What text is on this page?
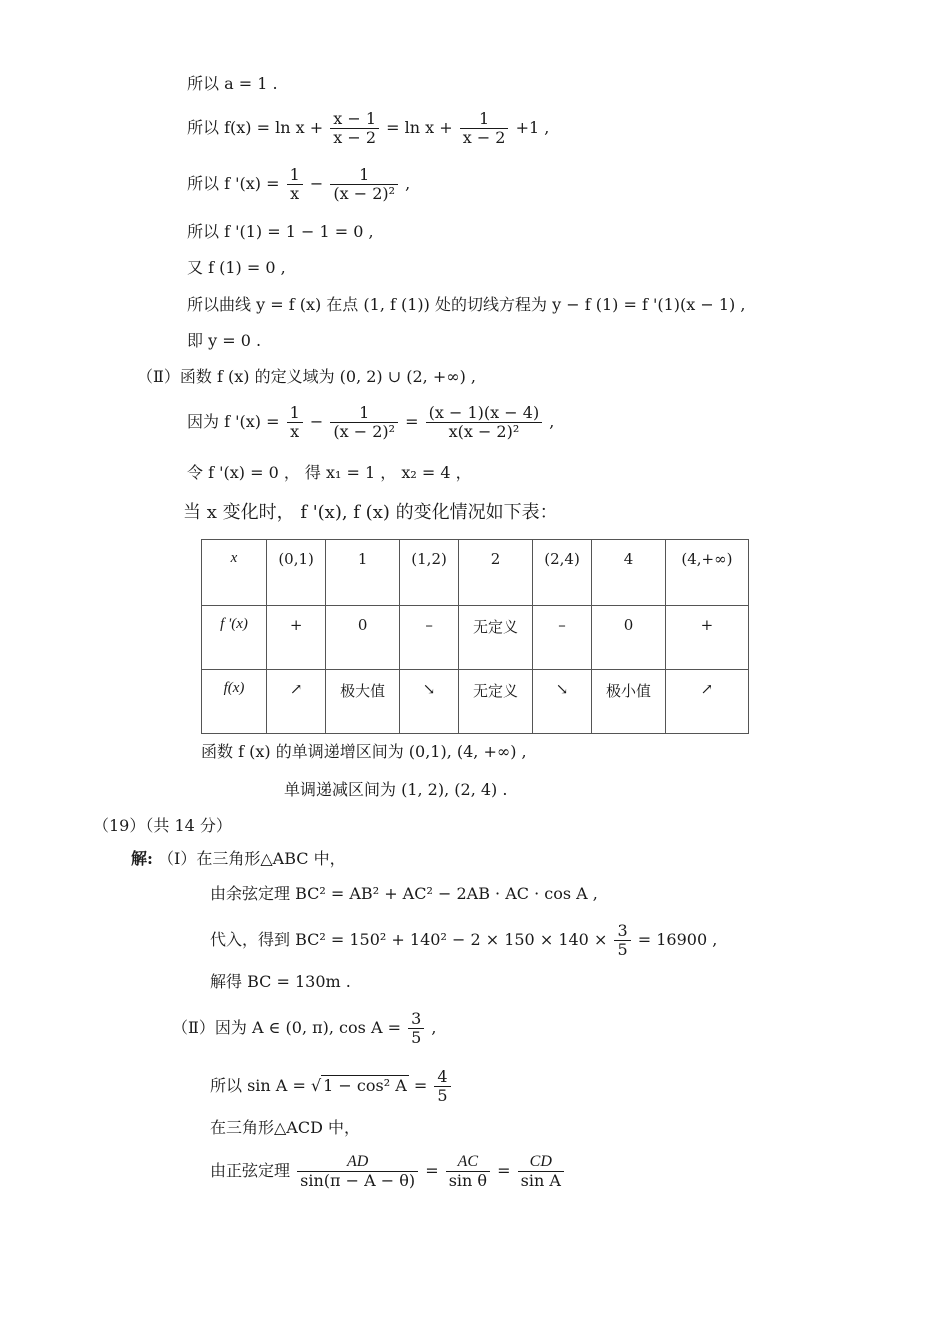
所以 a = 1 .
所以 $f(x) = \ln x + \frac{x - 1}{x - 2} = \ln x + \frac{1}{x - 2} +1$ ,
所以 f '$(x) = \frac{1}{x} - \frac{1}{\text{(x − 2)²}}$ ,
所以 f '(1) = 1 − 1 = 0 ,
又 f (1) = 0 ,
所以曲线 y = f (x) 在点 (1, f (1)) 处的切线方程为 y − f (1) = f '(1)(x − 1) ,
即 y = 0 .
（Ⅱ）函数 f (x) 的定义域为 (0, 2) ∪ (2, +∞) ,
因为 f '$(x) = \frac{1}{x} - \frac{1}{\text{(x − 2)²}} = \frac{(x - 1)(x - 4)}{\text{x(x − 2)²}}$ ,
令 f '(x) = 0 ， 得 x₁ = 1 ， x₂ = 4 ，
当 x 变化时， f '(x), f (x) 的变化情况如下表：
x	(0,1)	1	(1,2)	2	(2,4)	4	(4,+∞)
f '(x)	+	0	–	无定义	–	0	+
f(x)	↗	极大值	↘	无定义	↘	极小值	↗
函数 f (x) 的单调递增区间为 (0,1), (4, +∞) ,
单调递减区间为 (1, 2), (2, 4) .
（19）（共 14 分）
解: （Ⅰ）在三角形△ABC 中，
由余弦定理 BC² = AB² + AC² − 2AB · AC · cos A ,
代入，得到 $BC^2 = 150^2 + 140^2 - 2 \times 150 \times 140 \times \frac{3}{5} = 16900$ ,
解得 BC = 130m .
（Ⅱ）因为 A ∈ (0, π), $\cos A = \frac{3}{5}$ ,
所以 sin A = √ 1 − cos² $A = \frac{4}{5}$
在三角形△ACD 中，
由正弦定理 $\frac{AD}{\sin(\pi - A - \theta)} = \frac{AC}{\text{sin θ}} = \frac{CD}{\text{sin A}}$
